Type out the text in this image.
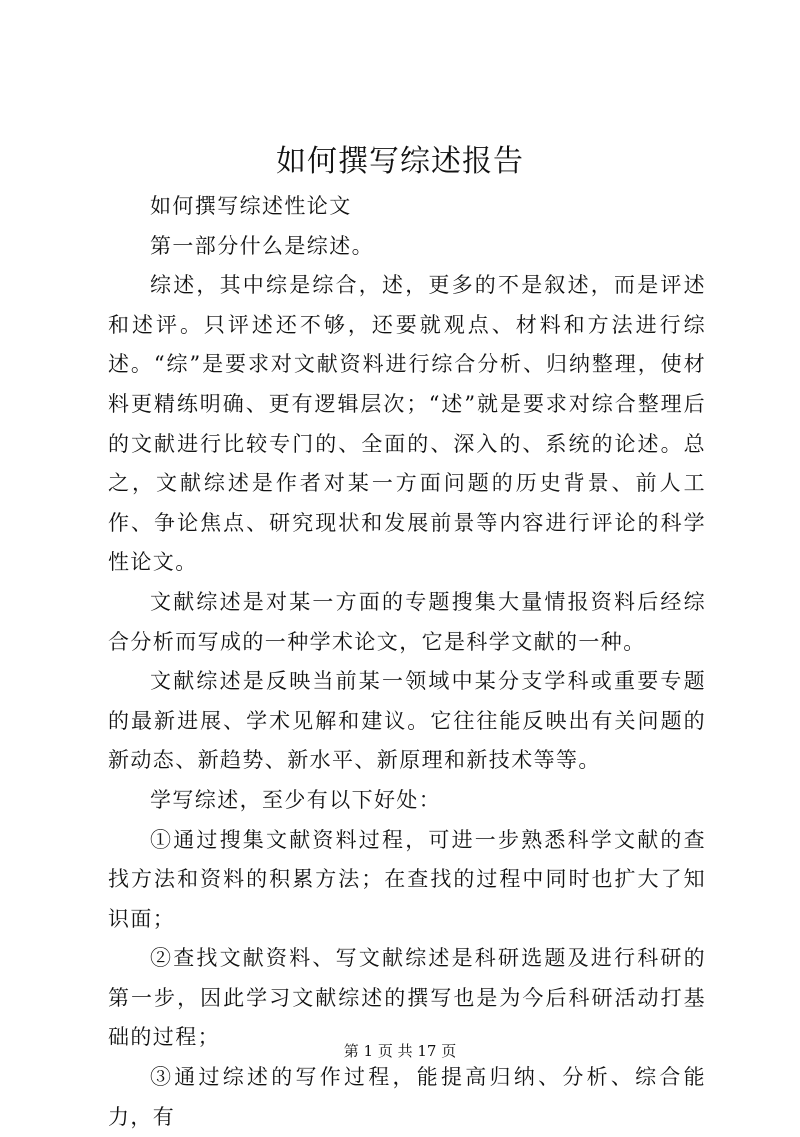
如何撰写综述报告

如何撰写综述性论文

第一部分什么是综述。

综述，其中综是综合，述，更多的不是叙述，而是评述和述评。只评述还不够，还要就观点、材料和方法进行综述。“综”是要求对文献资料进行综合分析、归纳整理，使材料更精练明确、更有逻辑层次；“述”就是要求对综合整理后的文献进行比较专门的、全面的、深入的、系统的论述。总之，文献综述是作者对某一方面问题的历史背景、前人工作、争论焦点、研究现状和发展前景等内容进行评论的科学性论文。

文献综述是对某一方面的专题搜集大量情报资料后经综合分析而写成的一种学术论文，它是科学文献的一种。

文献综述是反映当前某一领域中某分支学科或重要专题的最新进展、学术见解和建议。它往往能反映出有关问题的新动态、新趋势、新水平、新原理和新技术等等。

学写综述，至少有以下好处：

①通过搜集文献资料过程，可进一步熟悉科学文献的查找方法和资料的积累方法；在查找的过程中同时也扩大了知识面；

②查找文献资料、写文献综述是科研选题及进行科研的第一步，因此学习文献综述的撰写也是为今后科研活动打基础的过程；

③通过综述的写作过程，能提高归纳、分析、综合能力，有

第 1 页 共 17 页
